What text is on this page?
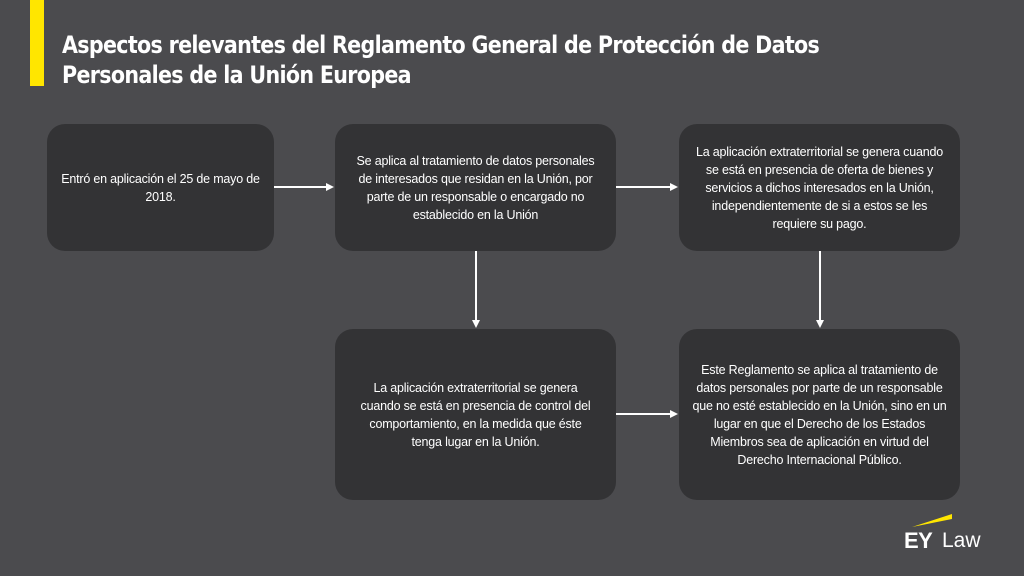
Aspectos relevantes del Reglamento General de Protección de Datos Personales de la Unión Europea
Entró en aplicación el 25 de mayo de 2018.
Se aplica al tratamiento de datos personales de interesados que residan en la Unión, por parte de un responsable o encargado no establecido en la Unión
La aplicación extraterritorial se genera cuando se está en presencia de oferta de bienes y servicios a dichos interesados en la Unión, independientemente de si a estos se les requiere su pago.
La aplicación extraterritorial se genera cuando se está en presencia de control del comportamiento, en la medida que éste tenga lugar en la Unión.
Este Reglamento se aplica al tratamiento de datos personales por parte de un responsable que no esté establecido en la Unión, sino en un lugar en que el Derecho de los Estados Miembros sea de aplicación en virtud del Derecho Internacional Público.
EY Law
